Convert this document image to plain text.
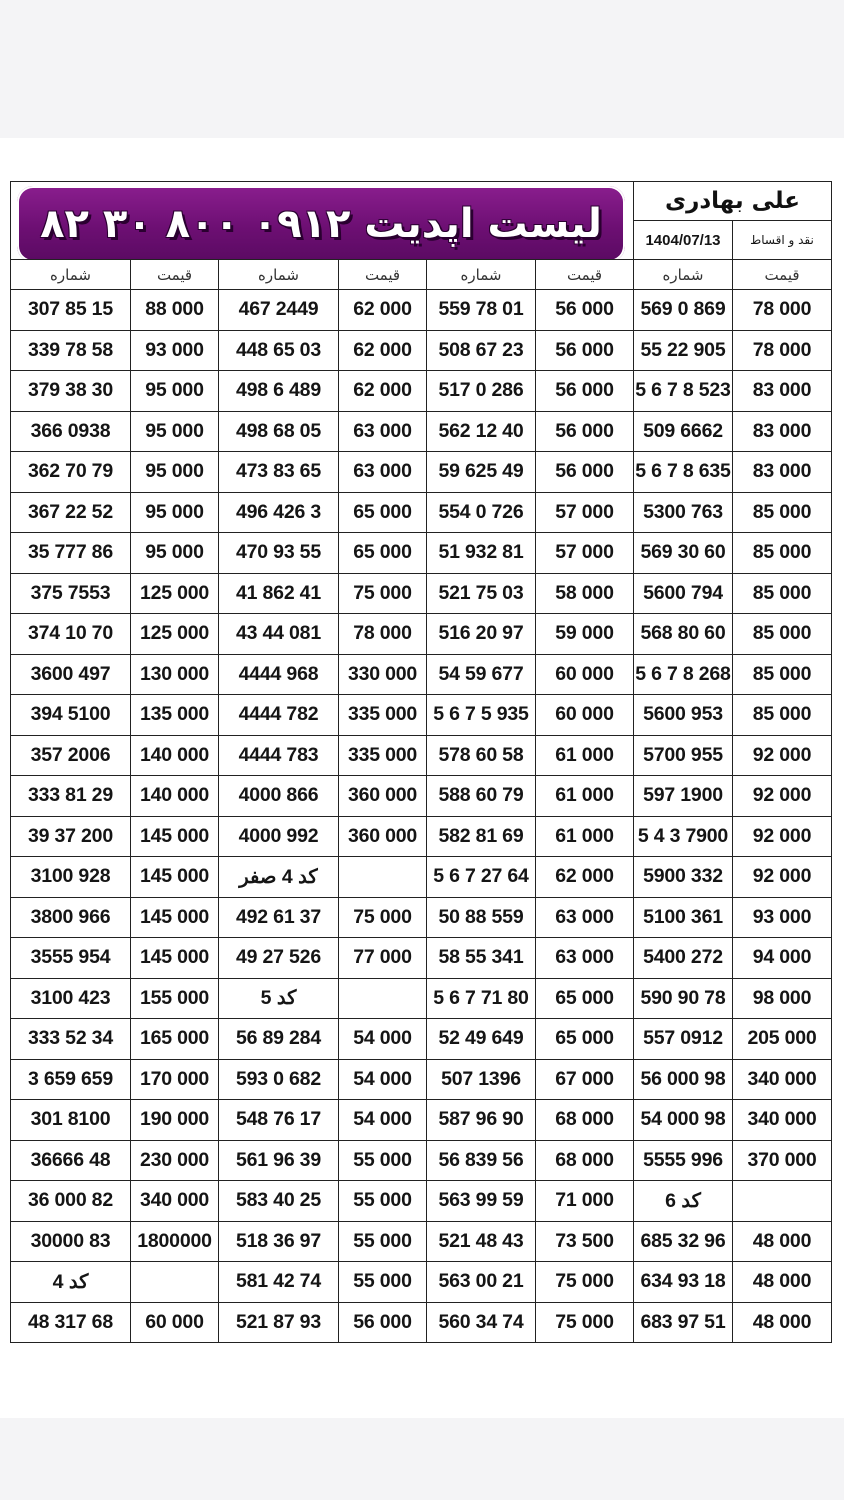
لیست اپدیت ۰۹۱۲ ۸۰۰ ۳۰ ۸۲						علی بهادری	
						1404/07/13	نقد و اقساط
شماره	قیمت	شماره	قیمت	شماره	قیمت	شماره	قیمت
307 85 15	88 000	467 2449	62 000	559 78 01	56 000	569 0 869	78 000
339 78 58	93 000	448 65 03	62 000	508 67 23	56 000	55 22 905	78 000
379 38 30	95 000	498 6 489	62 000	517 0 286	56 000	5 6 7 8 523	83 000
366 0938	95 000	498 68 05	63 000	562 12 40	56 000	509 6662	83 000
362 70 79	95 000	473 83 65	63 000	59 625 49	56 000	5 6 7 8 635	83 000
367 22 52	95 000	496 426 3	65 000	554 0 726	57 000	5300 763	85 000
35 777 86	95 000	470 93 55	65 000	51 932 81	57 000	569 30 60	85 000
375 7553	125 000	41 862 41	75 000	521 75 03	58 000	5600 794	85 000
374 10 70	125 000	43 44 081	78 000	516 20 97	59 000	568 80 60	85 000
3600 497	130 000	4444 968	330 000	54 59 677	60 000	5 6 7 8 268	85 000
394 5100	135 000	4444 782	335 000	5 6 7 5 935	60 000	5600 953	85 000
357 2006	140 000	4444 783	335 000	578 60 58	61 000	5700 955	92 000
333 81 29	140 000	4000 866	360 000	588 60 79	61 000	597 1900	92 000
39 37 200	145 000	4000 992	360 000	582 81 69	61 000	5 4 3 7900	92 000
3100 928	145 000	کد 4 صفر		5 6 7 27 64	62 000	5900 332	92 000
3800 966	145 000	492 61 37	75 000	50 88 559	63 000	5100 361	93 000
3555 954	145 000	49 27 526	77 000	58 55 341	63 000	5400 272	94 000
3100 423	155 000	کد 5		5 6 7 71 80	65 000	590 90 78	98 000
333 52 34	165 000	56 89 284	54 000	52 49 649	65 000	557 0912	205 000
3 659 659	170 000	593 0 682	54 000	507 1396	67 000	56 000 98	340 000
301 8100	190 000	548 76 17	54 000	587 96 90	68 000	54 000 98	340 000
36666 48	230 000	561 96 39	55 000	56 839 56	68 000	5555 996	370 000
36 000 82	340 000	583 40 25	55 000	563 99 59	71 000	کد 6	
30000 83	1800000	518 36 97	55 000	521 48 43	73 500	685 32 96	48 000
کد 4		581 42 74	55 000	563 00 21	75 000	634 93 18	48 000
48 317 68	60 000	521 87 93	56 000	560 34 74	75 000	683 97 51	48 000
